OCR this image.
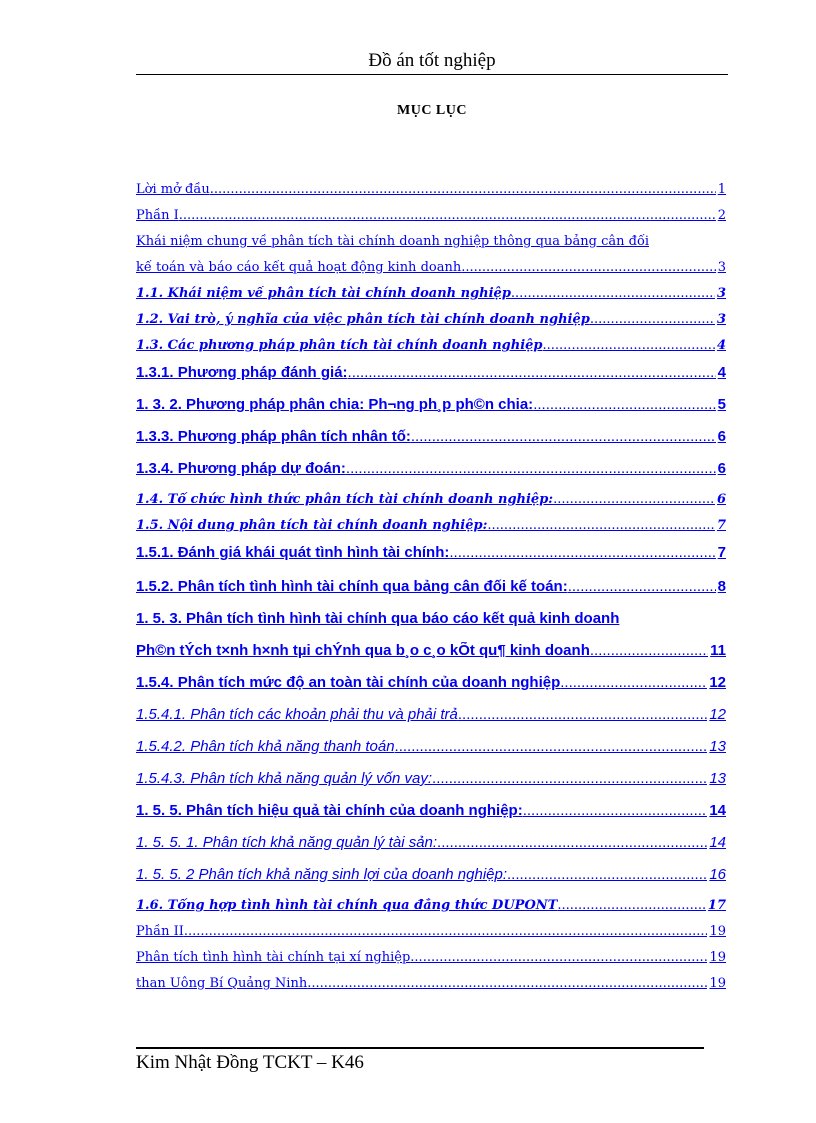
Đồ án tốt nghiệp
MỤC LỤC
Lời mở đầu .....	1
Phần I .....	2
Khái niệm chung về phân tích tài chính doanh nghiệp thông qua bảng cân đối
kế toán và báo cáo kết quả hoạt động kinh doanh .....	3
1.1. Khái niệm về phân tích tài chính doanh nghiệp .....	3
1.2. Vai trò, ý nghĩa của việc phân tích tài chính doanh nghiệp .....	3
1.3. Các phương pháp phân tích tài chính doanh nghiệp .....	4
1.3.1. Phương pháp đánh giá: .....	4
1. 3. 2. Phương pháp phân chia: Ph¬ng ph¸p ph©n chia: .....	5
1.3.3. Phương pháp phân tích nhân tố: .....	6
1.3.4. Phương pháp dự đoán: .....	6
1.4. Tổ chức hình thức phân tích tài chính doanh nghiệp: .....	6
1.5. Nội dung phân tích tài chính doanh nghiệp: .....	7
1.5.1. Đánh giá khái quát tình hình tài chính: .....	7
1.5.2. Phân tích tình hình tài chính qua bảng cân đối kế toán: .....	8
1. 5. 3. Phân tích tình hình tài chính qua báo cáo kết quả kinh doanh
Ph©n tÝch t×nh h×nh tµi chÝnh qua b¸o c¸o kÕt qu¶ kinh doanh .....	11
1.5.4. Phân tích mức độ an toàn tài chính của doanh nghiệp .....	12
1.5.4.1. Phân tích các khoản phải thu và phải trả .....	12
1.5.4.2. Phân tích khả năng thanh toán .....	13
1.5.4.3. Phân tích khả năng quản lý vốn vay: .....	13
1. 5. 5. Phân tích hiệu quả tài chính của doanh nghiệp: .....	14
1. 5. 5. 1. Phân tích khả năng quản lý tài sản: .....	14
1. 5. 5. 2 Phân tích khả năng sinh lợi của doanh nghiệp: .....	16
1.6. Tổng hợp tình hình tài chính qua đẳng thức DUPONT .....	17
Phần II .....	19
Phân tích tình hình tài chính tại xí nghiệp .....	19
than Uông Bí Quảng Ninh .....	19
Kim Nhật Đồng TCKT – K46
